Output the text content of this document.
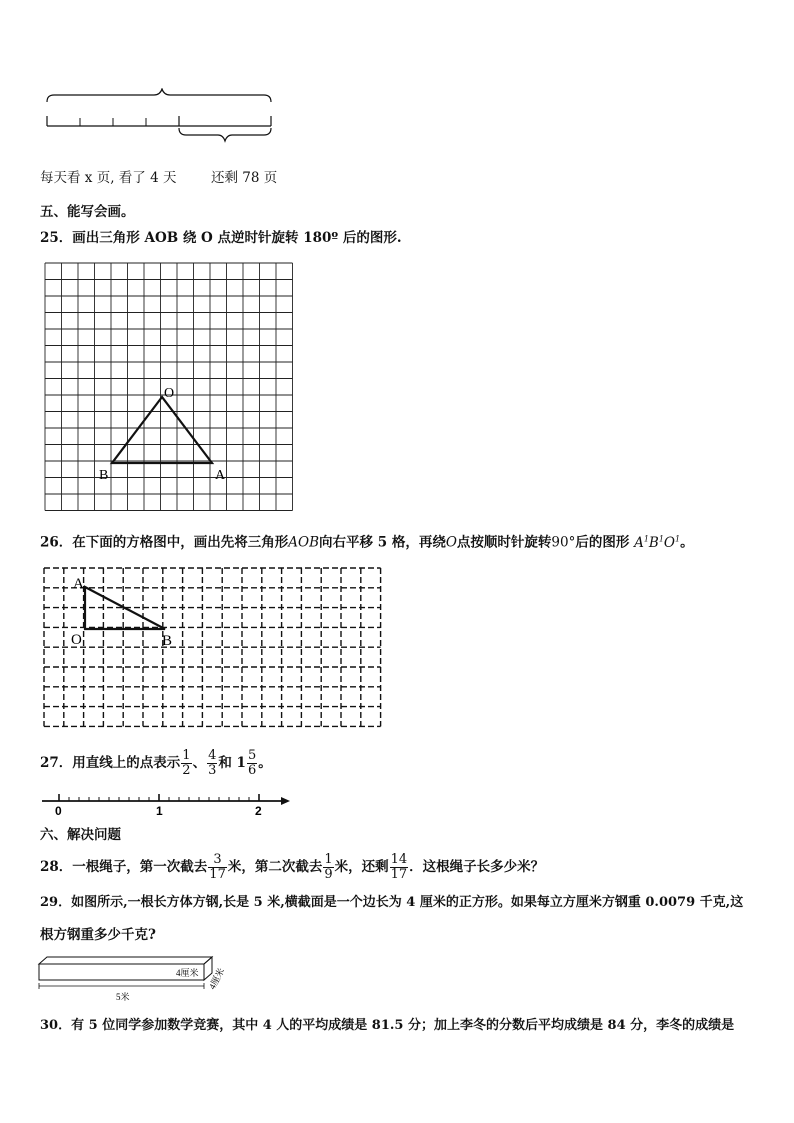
每天看 x 页, 看了 4 天	还剩 78 页
五、能写会画。
25．画出三角形 AOB 绕 O 点逆时针旋转 180º 后的图形.
O
B	A
26．在下面的方格图中，画出先将三角形AOB向右平移 5 格，再绕O点按顺时针旋转90°后的图形 $A^1B^1O^1$。
A
O	B
27．用直线上的点表示 $\frac{1}{2}$ 、 $\frac{4}{3}$ 和 $1 \frac{5}{6}$ 。
0	1	2
六、解决问题
28．一根绳子，第一次截去 $\frac{3}{17}$ 米，第二次截去 $\frac{1}{9}$ 米，还剩 $\frac{14}{17}$ ．这根绳子长多少米？
29．如图所示,一根长方体方钢,长是 5 米,横截面是一个边长为 4 厘米的正方形。如果每立方厘米方钢重 0.0079 千克,这
根方钢重多少千克?
4厘米
5米
4厘米
30．有 5 位同学参加数学竞赛，其中 4 人的平均成绩是 81.5 分；加上李冬的分数后平均成绩是 84 分，李冬的成绩是
